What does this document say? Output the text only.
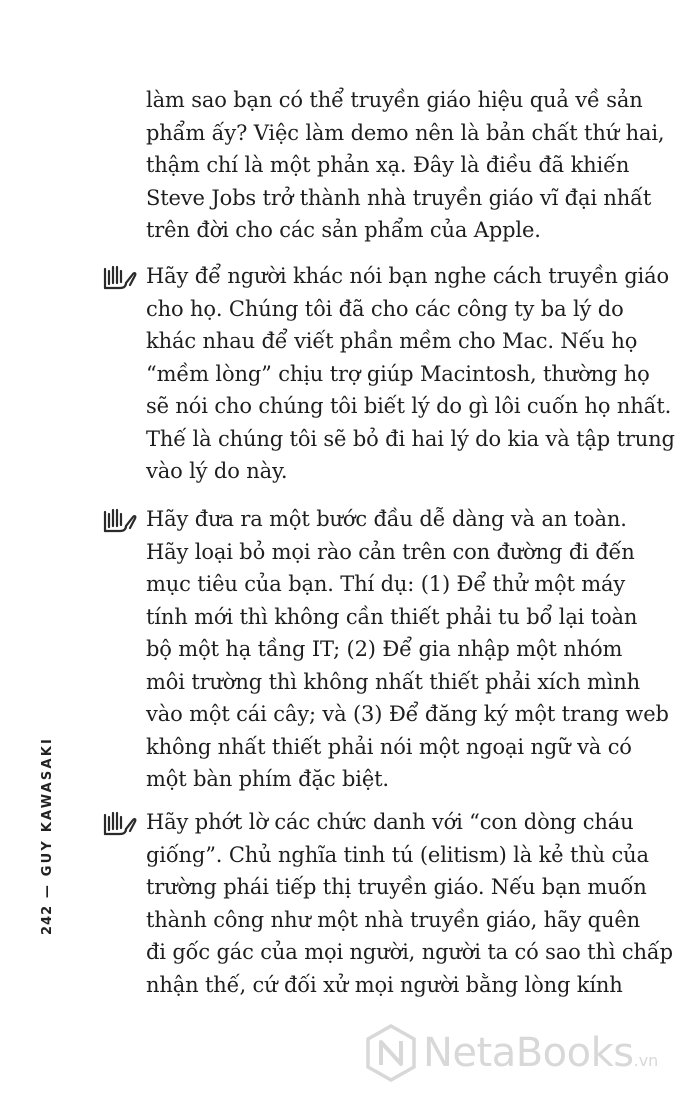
242 — GUY KAWASAKI
làm sao bạn có thể truyền giáo hiệu quả về sản
phẩm ấy? Việc làm demo nên là bản chất thứ hai,
thậm chí là một phản xạ. Đây là điều đã khiến
Steve Jobs trở thành nhà truyền giáo vĩ đại nhất
trên đời cho các sản phẩm của Apple.
Hãy để người khác nói bạn nghe cách truyền giáo
cho họ. Chúng tôi đã cho các công ty ba lý do
khác nhau để viết phần mềm cho Mac. Nếu họ
“mềm lòng” chịu trợ giúp Macintosh, thường họ
sẽ nói cho chúng tôi biết lý do gì lôi cuốn họ nhất.
Thế là chúng tôi sẽ bỏ đi hai lý do kia và tập trung
vào lý do này.
Hãy đưa ra một bước đầu dễ dàng và an toàn.
Hãy loại bỏ mọi rào cản trên con đường đi đến
mục tiêu của bạn. Thí dụ: (1) Để thử một máy
tính mới thì không cần thiết phải tu bổ lại toàn
bộ một hạ tầng IT; (2) Để gia nhập một nhóm
môi trường thì không nhất thiết phải xích mình
vào một cái cây; và (3) Để đăng ký một trang web
không nhất thiết phải nói một ngoại ngữ và có
một bàn phím đặc biệt.
Hãy phớt lờ các chức danh với “con dòng cháu
giống”. Chủ nghĩa tinh tú (elitism) là kẻ thù của
trường phái tiếp thị truyền giáo. Nếu bạn muốn
thành công như một nhà truyền giáo, hãy quên
đi gốc gác của mọi người, người ta có sao thì chấp
nhận thế, cứ đối xử mọi người bằng lòng kính
NetaBooks.vn
